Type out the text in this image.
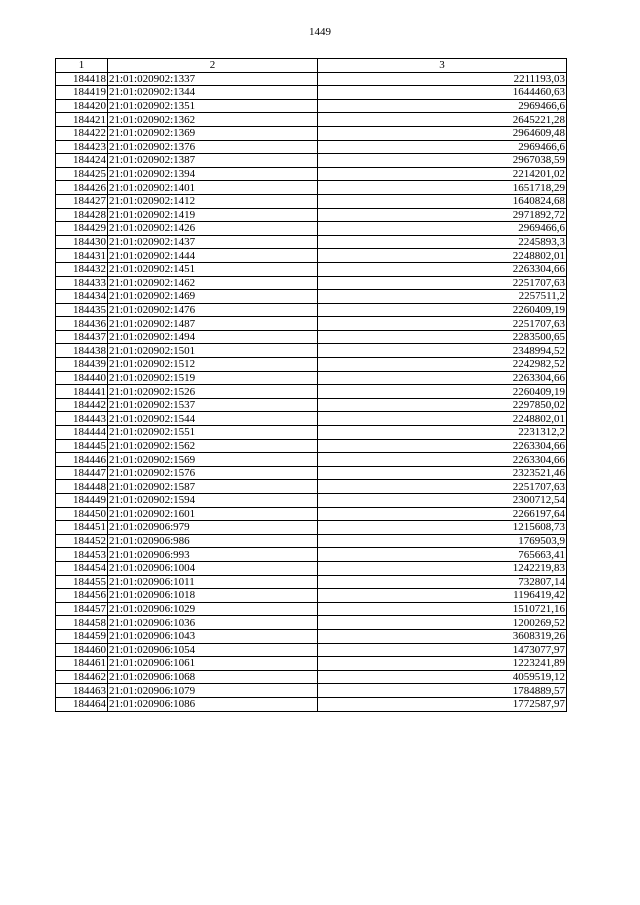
1449
1	2	3
184418	21:01:020902:1337	2211193,03
184419	21:01:020902:1344	1644460,63
184420	21:01:020902:1351	2969466,6
184421	21:01:020902:1362	2645221,28
184422	21:01:020902:1369	2964609,48
184423	21:01:020902:1376	2969466,6
184424	21:01:020902:1387	2967038,59
184425	21:01:020902:1394	2214201,02
184426	21:01:020902:1401	1651718,29
184427	21:01:020902:1412	1640824,68
184428	21:01:020902:1419	2971892,72
184429	21:01:020902:1426	2969466,6
184430	21:01:020902:1437	2245893,3
184431	21:01:020902:1444	2248802,01
184432	21:01:020902:1451	2263304,66
184433	21:01:020902:1462	2251707,63
184434	21:01:020902:1469	2257511,2
184435	21:01:020902:1476	2260409,19
184436	21:01:020902:1487	2251707,63
184437	21:01:020902:1494	2283500,65
184438	21:01:020902:1501	2348994,52
184439	21:01:020902:1512	2242982,52
184440	21:01:020902:1519	2263304,66
184441	21:01:020902:1526	2260409,19
184442	21:01:020902:1537	2297850,02
184443	21:01:020902:1544	2248802,01
184444	21:01:020902:1551	2231312,2
184445	21:01:020902:1562	2263304,66
184446	21:01:020902:1569	2263304,66
184447	21:01:020902:1576	2323521,46
184448	21:01:020902:1587	2251707,63
184449	21:01:020902:1594	2300712,54
184450	21:01:020902:1601	2266197,64
184451	21:01:020906:979	1215608,73
184452	21:01:020906:986	1769503,9
184453	21:01:020906:993	765663,41
184454	21:01:020906:1004	1242219,83
184455	21:01:020906:1011	732807,14
184456	21:01:020906:1018	1196419,42
184457	21:01:020906:1029	1510721,16
184458	21:01:020906:1036	1200269,52
184459	21:01:020906:1043	3608319,26
184460	21:01:020906:1054	1473077,97
184461	21:01:020906:1061	1223241,89
184462	21:01:020906:1068	4059519,12
184463	21:01:020906:1079	1784889,57
184464	21:01:020906:1086	1772587,97
